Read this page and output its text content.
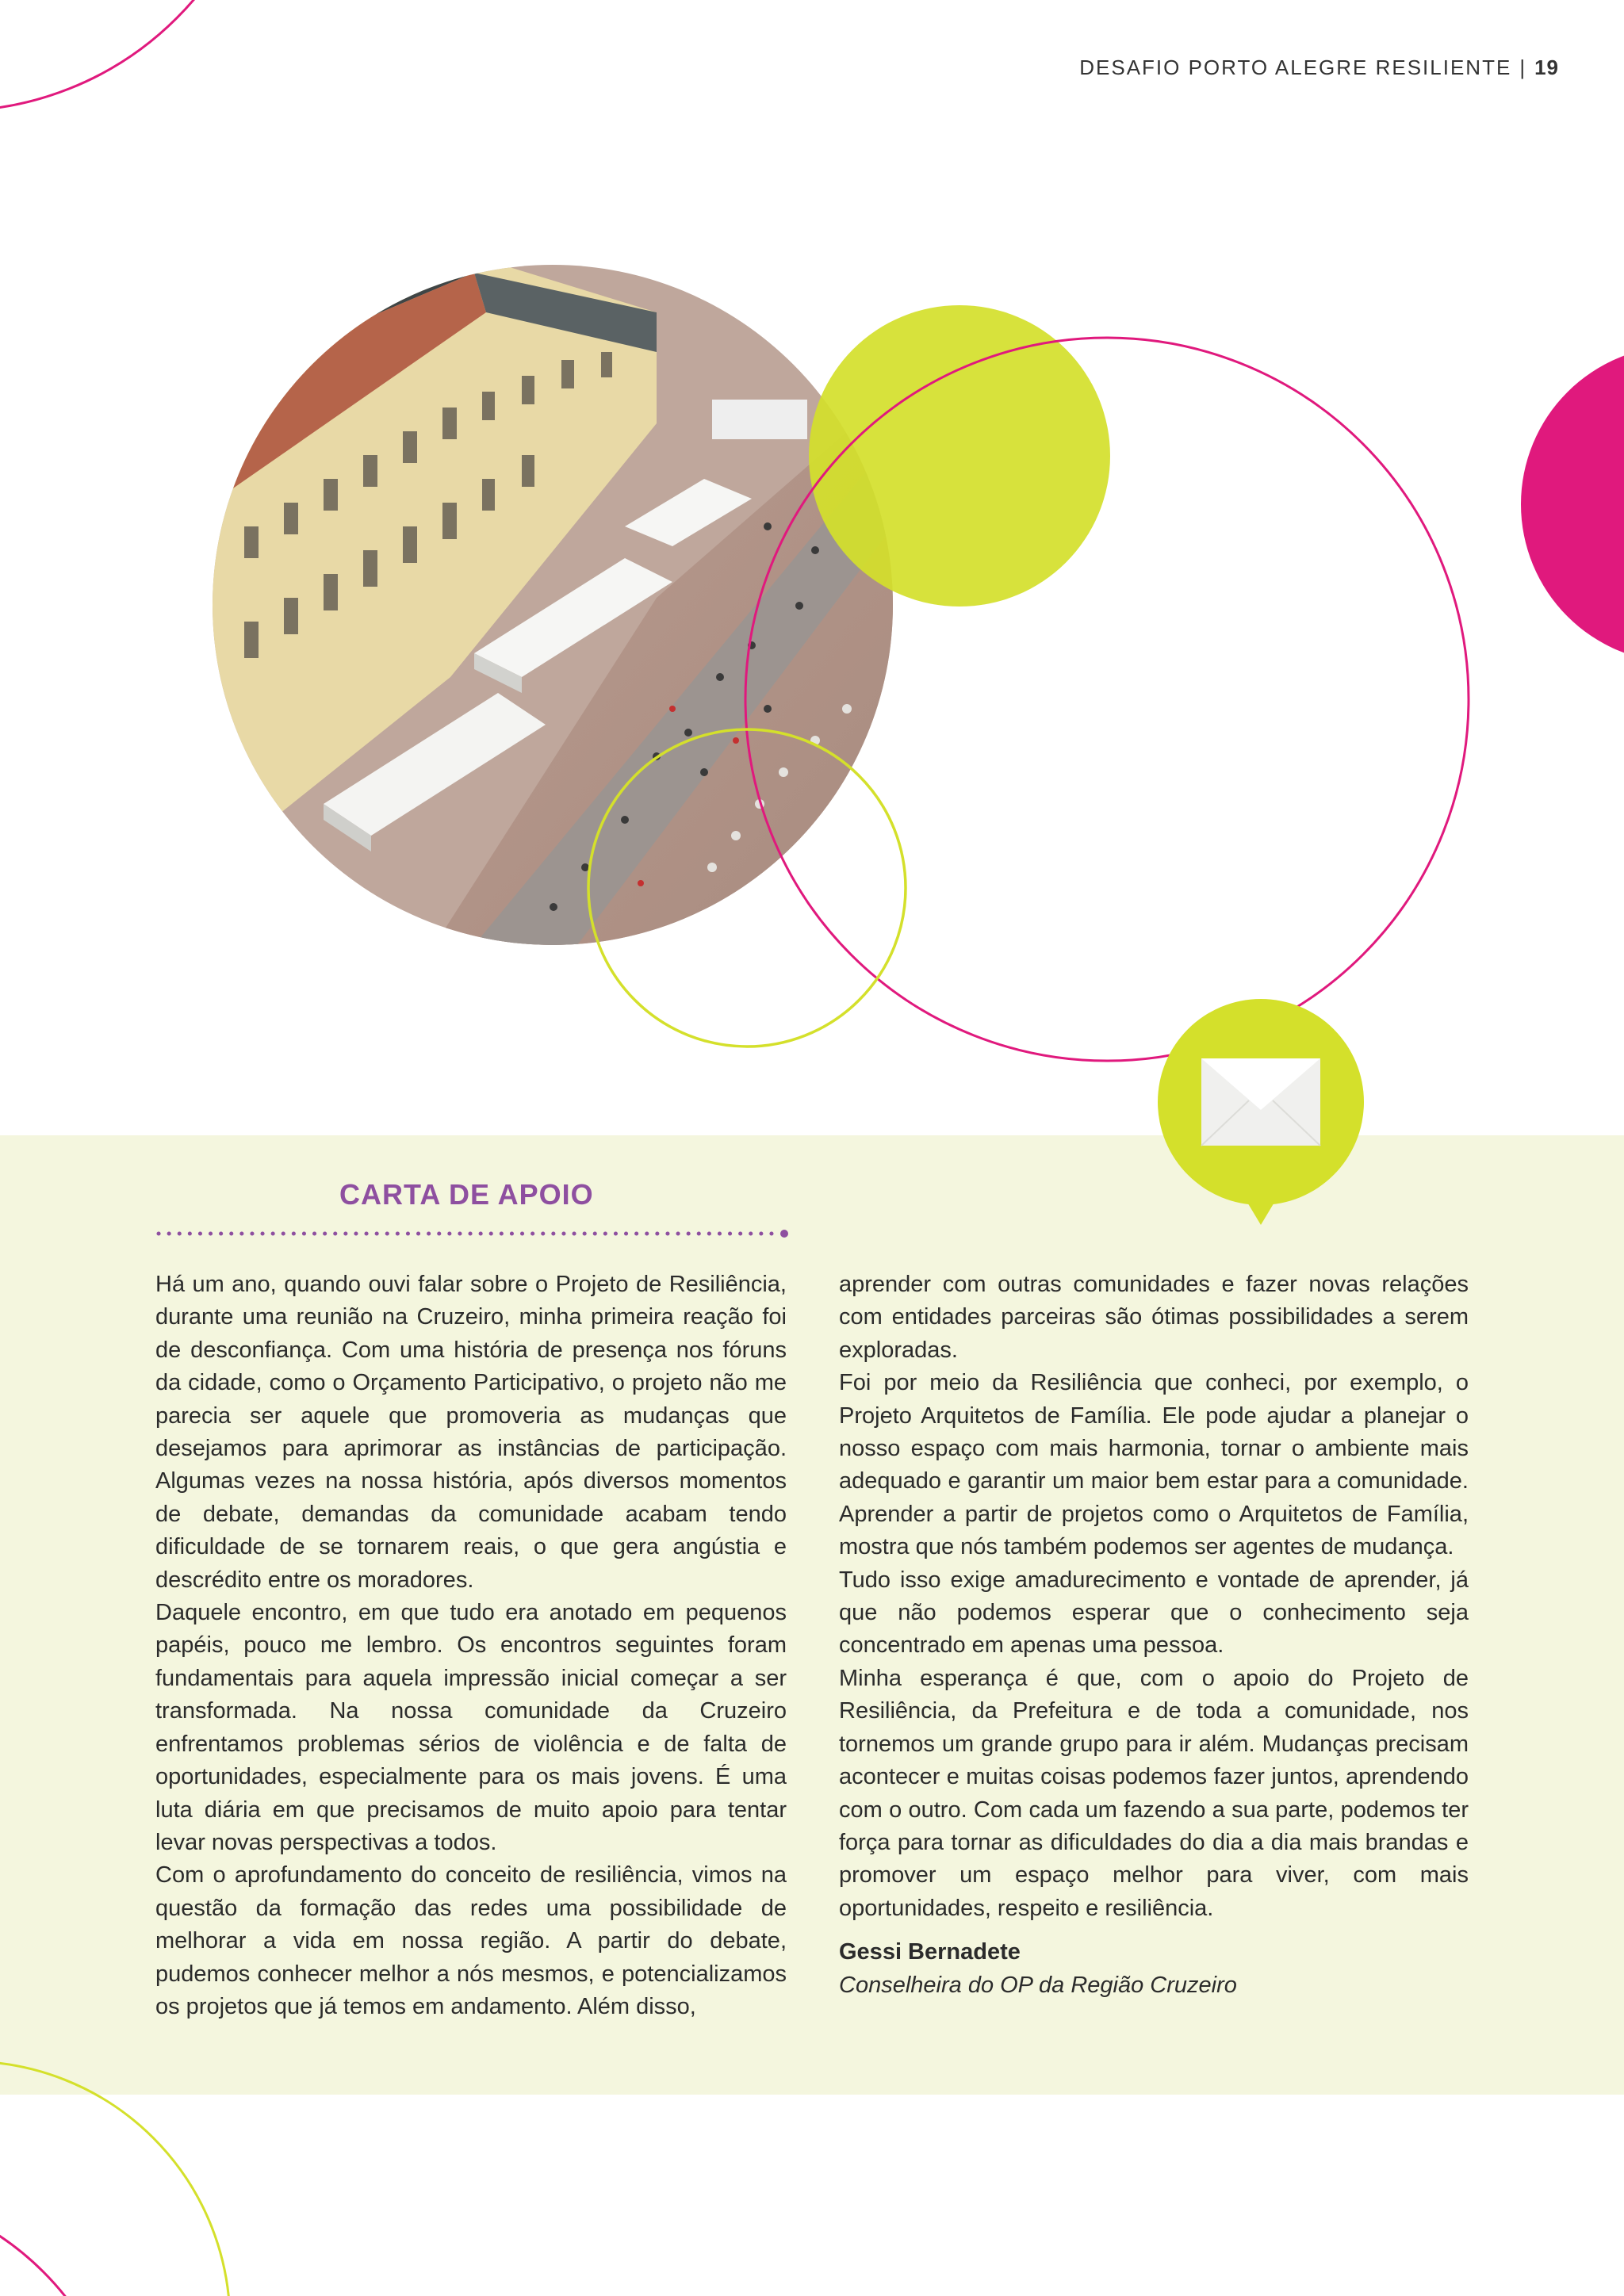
DESAFIO PORTO ALEGRE RESILIENTE | 19
CARTA DE APOIO

Há um ano, quando ouvi falar sobre o Projeto de Resiliência, durante uma reunião na Cruzeiro, minha primeira reação foi de desconfiança. Com uma história de presença nos fóruns da cidade, como o Orçamento Participativo, o projeto não me parecia ser aquele que promoveria as mudanças que desejamos para aprimorar as instâncias de participação. Algumas vezes na nossa história, após diversos momentos de debate, demandas da comunidade acabam tendo dificuldade de se tornarem reais, o que gera angústia e descrédito entre os moradores.

Daquele encontro, em que tudo era anotado em pequenos papéis, pouco me lembro. Os encontros seguintes foram fundamentais para aquela impressão inicial começar a ser transformada. Na nossa comunidade da Cruzeiro enfrentamos problemas sérios de violência e de falta de oportunidades, especialmente para os mais jovens. É uma luta diária em que precisamos de muito apoio para tentar levar novas perspectivas a todos.

Com o aprofundamento do conceito de resiliência, vimos na questão da formação das redes uma possibilidade de melhorar a vida em nossa região. A partir do debate, pudemos conhecer melhor a nós mesmos, e potencializamos os projetos que já temos em andamento. Além disso,

aprender com outras comunidades e fazer novas relações com entidades parceiras são ótimas possibilidades a serem exploradas.

Foi por meio da Resiliência que conheci, por exemplo, o Projeto Arquitetos de Família. Ele pode ajudar a planejar o nosso espaço com mais harmonia, tornar o ambiente mais adequado e garantir um maior bem estar para a comunidade. Aprender a partir de projetos como o Arquitetos de Família, mostra que nós também podemos ser agentes de mudança.

Tudo isso exige amadurecimento e vontade de aprender, já que não podemos esperar que o conhecimento seja concentrado em apenas uma pessoa.

Minha esperança é que, com o apoio do Projeto de Resiliência, da Prefeitura e de toda a comunidade, nos tornemos um grande grupo para ir além. Mudanças precisam acontecer e muitas coisas podemos fazer juntos, aprendendo com o outro. Com cada um fazendo a sua parte, podemos ter força para tornar as dificuldades do dia a dia mais brandas e promover um espaço melhor para viver, com mais oportunidades, respeito e resiliência.

Gessi Bernadete

Conselheira do OP da Região Cruzeiro
